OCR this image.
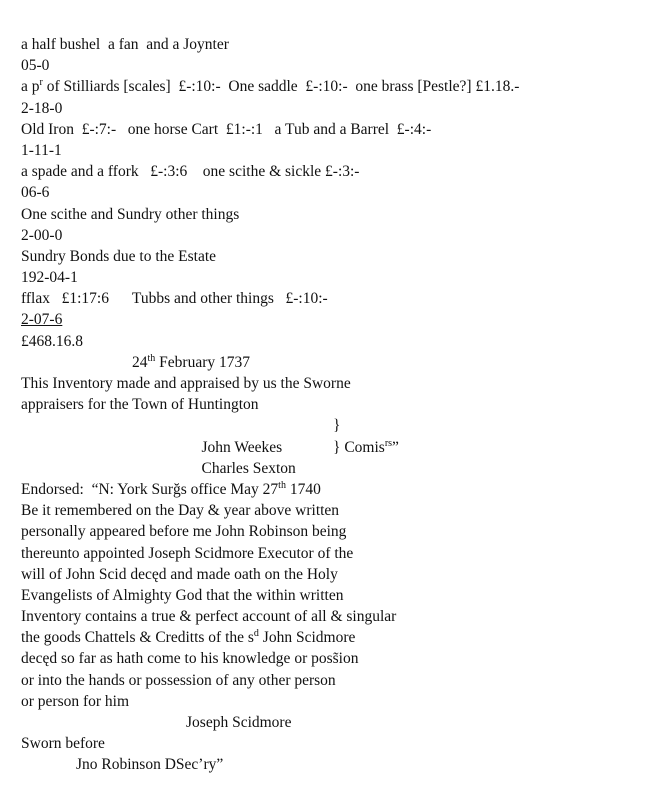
a half bushel  a fan  and a Joynter
05-0
a $p^r$ of Stilliards [scales]  £-:10:-  One saddle  £-:10:-  one brass [Pestle?] £1.18.-
2-18-0
Old Iron  £-:7:-   one horse Cart  £1:-:1   a Tub and a Barrel  £-:4:-
1-11-1
a spade and a ffork   £-:3:6    one scithe & sickle £-:3:-
06-6
One scithe and Sundry other things
2-00-0
Sundry Bonds due to the Estate
192-04-1
fflax   £1:17:6      Tubbs and other things   £-:10:-
2-07-6
£468.16.8
24th February 1737
This Inventory made and appraised by us the Sworne
appraisers for the Town of Huntington

John Weekes

}

Charles Sexton

} Comis$^{rs}$”

Endorsed:  “N: York Surğs office May 27th 1740
Be it remembered on the Day & year above written
personally appeared before me John Robinson being
thereunto appointed Joseph Scidmore Executor of the
will of John Scid decęd and made oath on the Holy
Evangelists of Almighty God that the within written
Inventory contains a true & perfect account of all & singular
the goods Chattels & Creditts of the $s^d$ John Scidmore
decęd so far as hath come to his knowledge or poss̃ion
or into the hands or possession of any other person
or person for him
Joseph Scidmore
Sworn before
Jno Robinson DSec’ry”
